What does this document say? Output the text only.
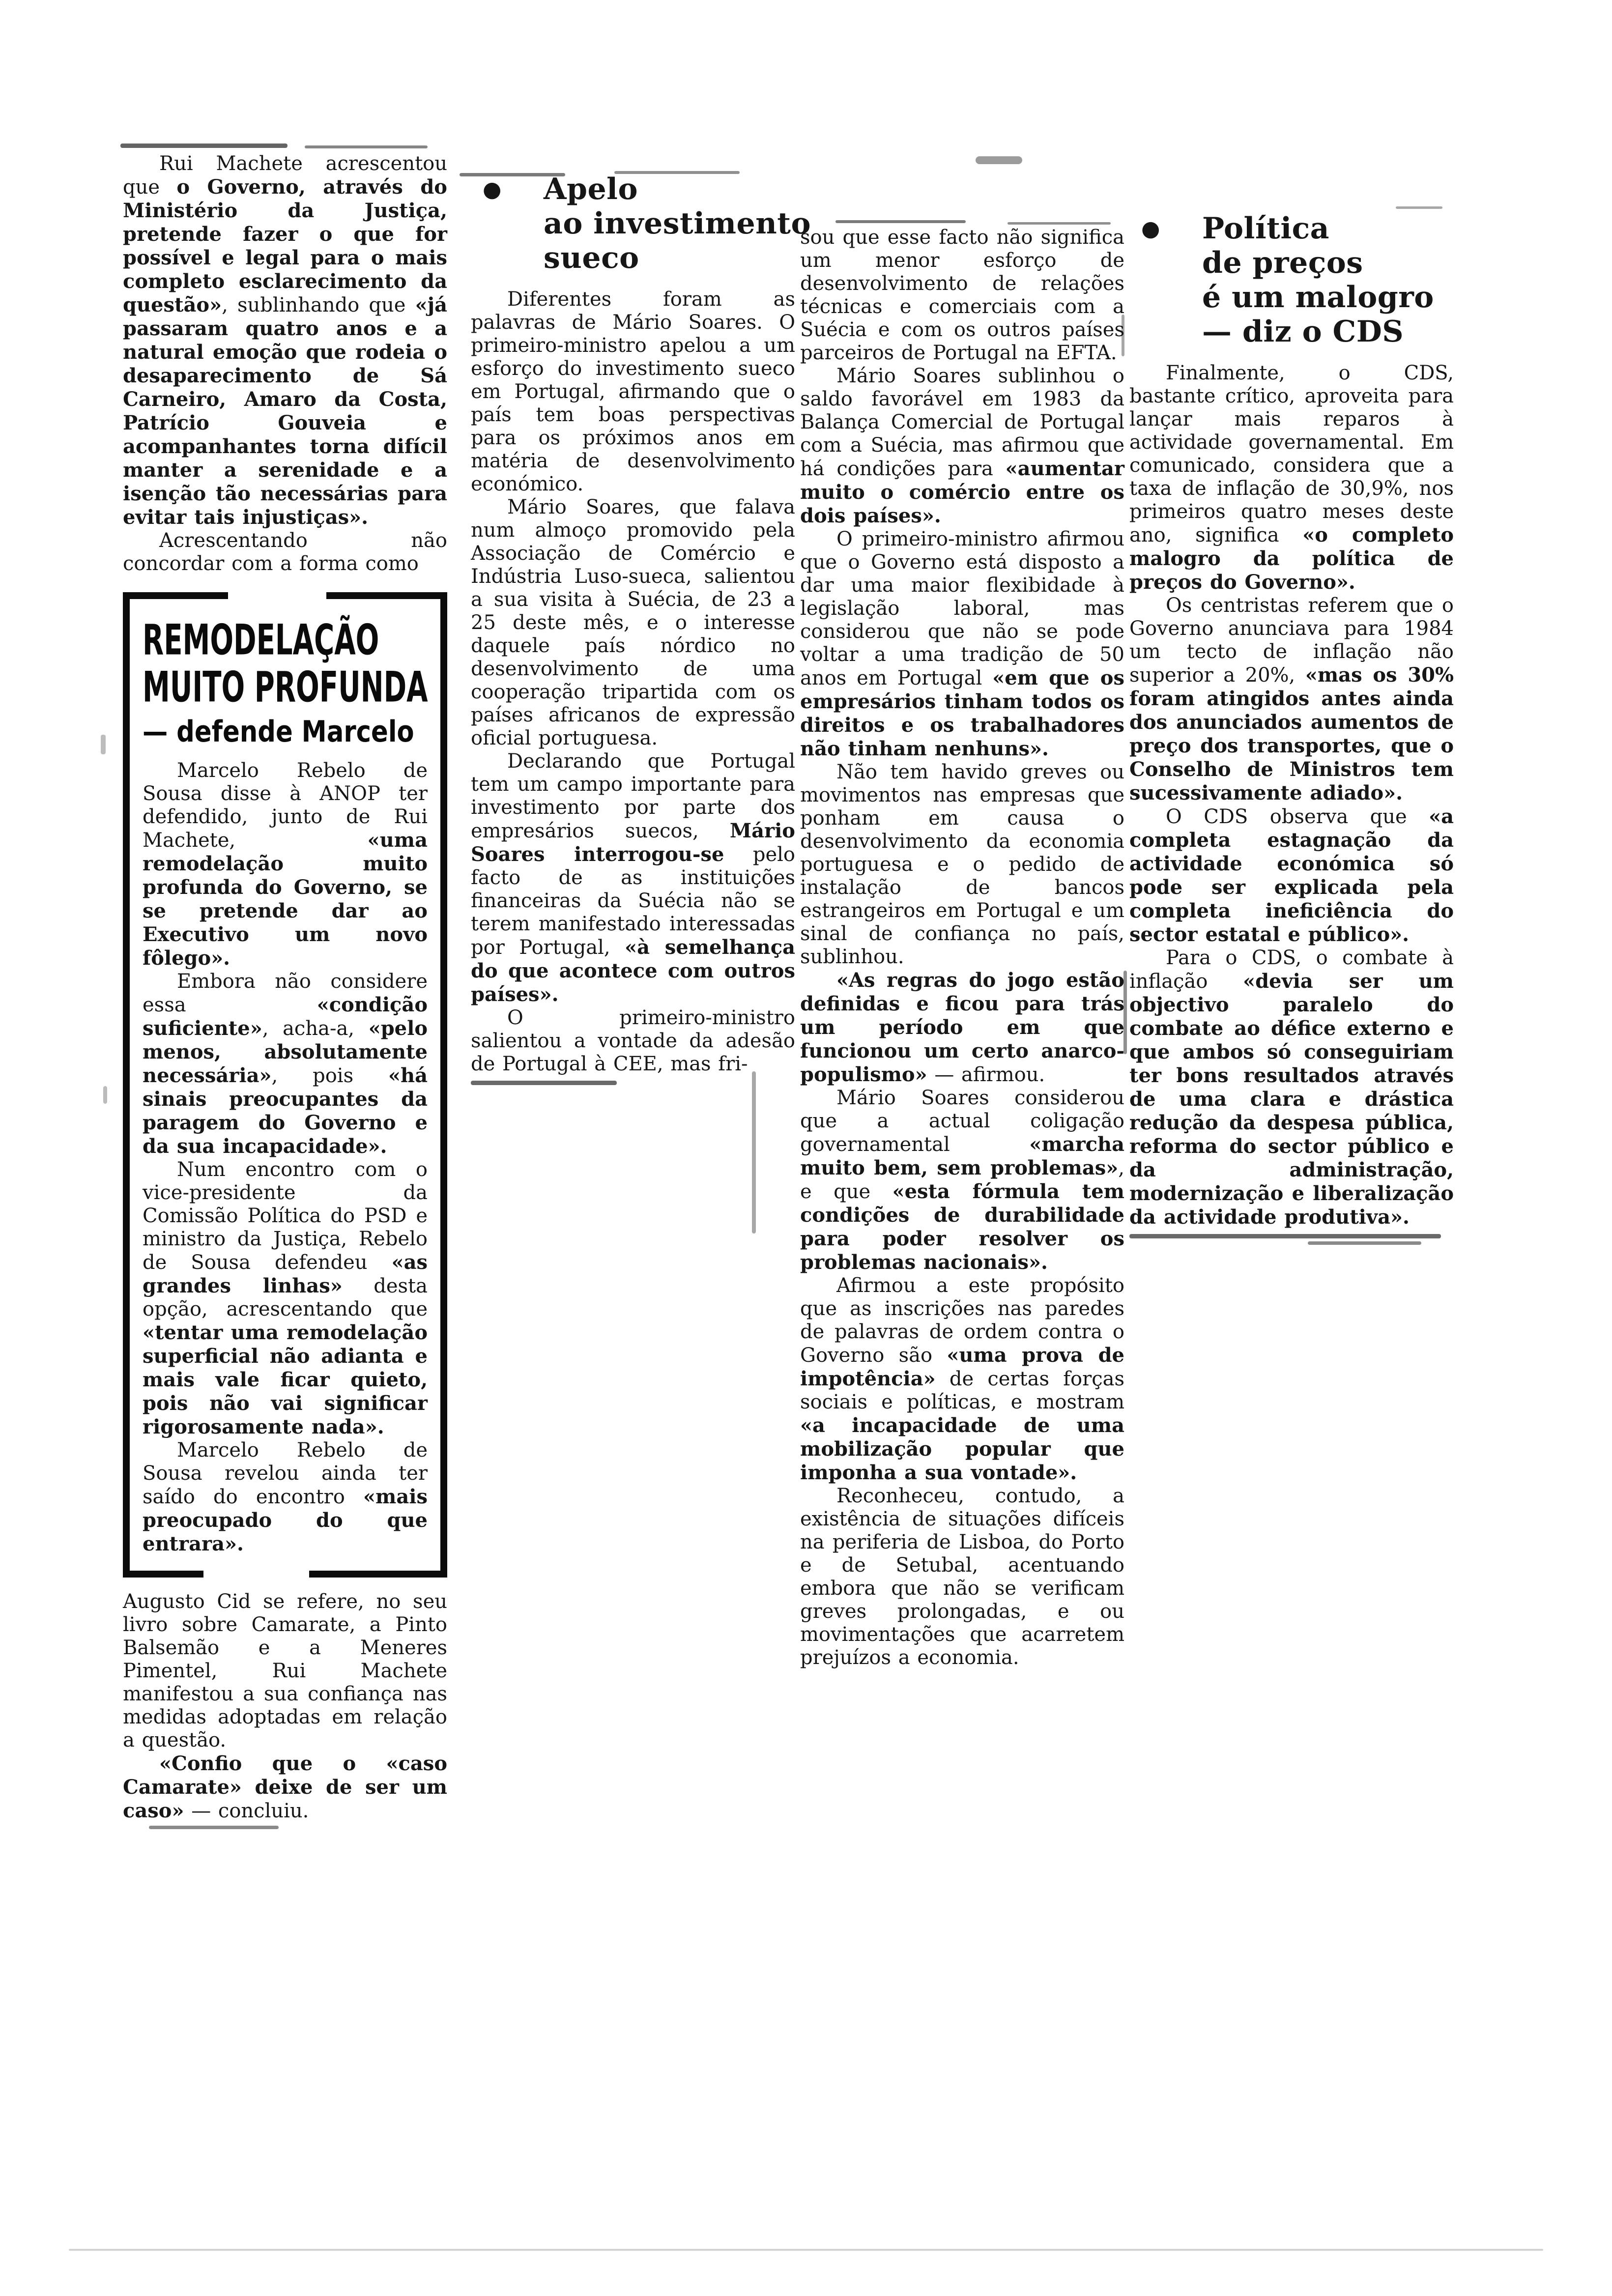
Rui Machete acrescentou que o Governo, através do Ministério da Justiça, pretende fazer o que for possível e legal para o mais completo esclarecimento da questão», sublinhando que «já passaram quatro anos e a natural emoção que rodeia o desaparecimento de Sá Carneiro, Amaro da Costa, Patrício Gouveia e acompanhantes torna difícil manter a serenidade e a isenção tão necessárias para evitar tais injustiças».

Acrescentando não concordar com a forma como

REMODELAÇÃO
MUITO PROFUNDA
— defende Marcelo

Marcelo Rebelo de Sousa disse à ANOP ter defendido, junto de Rui Machete, «uma remodelação muito profunda do Governo, se se pretende dar ao Executivo um novo fôlego».

Embora não considere essa «condição suficiente», acha-a, «pelo menos, absolutamente necessária», pois «há sinais preocupantes da paragem do Governo e da sua incapacidade».

Num encontro com o vice-presidente da Comissão Política do PSD e ministro da Justiça, Rebelo de Sousa defendeu «as grandes linhas» desta opção, acrescentando que «tentar uma remodelação superficial não adianta e mais vale ficar quieto, pois não vai significar rigorosamente nada».

Marcelo Rebelo de Sousa revelou ainda ter saído do encontro «mais preocupado do que entrara».

Augusto Cid se refere, no seu livro sobre Camarate, a Pinto Balsemão e a Meneres Pimentel, Rui Machete manifestou a sua confiança nas medidas adoptadas em relação a questão.

«Confio que o «caso Camarate» deixe de ser um caso» — concluiu.

● Apelo
ao investimento
sueco

Diferentes foram as palavras de Mário Soares. O primeiro-ministro apelou a um esforço do investimento sueco em Portugal, afirmando que o país tem boas perspectivas para os próximos anos em matéria de desenvolvimento económico.

Mário Soares, que falava num almoço promovido pela Associação de Comércio e Indústria Luso-sueca, salientou a sua visita à Suécia, de 23 a 25 deste mês, e o interesse daquele país nórdico no desenvolvimento de uma cooperação tripartida com os países africanos de expressão oficial portuguesa.

Declarando que Portugal tem um campo importante para investimento por parte dos empresários suecos, Mário Soares interrogou-se pelo facto de as instituições financeiras da Suécia não se terem manifestado interessadas por Portugal, «à semelhança do que acontece com outros países».

O primeiro-ministro salientou a vontade da adesão de Portugal à CEE, mas fri-

sou que esse facto não significa um menor esforço de desenvolvimento de relações técnicas e comerciais com a Suécia e com os outros países parceiros de Portugal na EFTA.

Mário Soares sublinhou o saldo favorável em 1983 da Balança Comercial de Portugal com a Suécia, mas afirmou que há condições para «aumentar muito o comércio entre os dois países».

O primeiro-ministro afirmou que o Governo está disposto a dar uma maior flexibidade à legislação laboral, mas considerou que não se pode voltar a uma tradição de 50 anos em Portugal «em que os empresários tinham todos os direitos e os trabalhadores não tinham nenhuns».

Não tem havido greves ou movimentos nas empresas que ponham em causa o desenvolvimento da economia portuguesa e o pedido de instalação de bancos estrangeiros em Portugal e um sinal de confiança no país, sublinhou.

«As regras do jogo estão definidas e ficou para trás um período em que funcionou um certo anarco-populismo» — afirmou.

Mário Soares considerou que a actual coligação governamental «marcha muito bem, sem problemas», e que «esta fórmula tem condições de durabilidade para poder resolver os problemas nacionais».

Afirmou a este propósito que as inscrições nas paredes de palavras de ordem contra o Governo são «uma prova de impotência» de certas forças sociais e políticas, e mostram «a incapacidade de uma mobilização popular que imponha a sua vontade».

Reconheceu, contudo, a existência de situações difíceis na periferia de Lisboa, do Porto e de Setubal, acentuando embora que não se verificam greves prolongadas, e ou movimentações que acarretem prejuízos a economia.

● Política
de preços
é um malogro
— diz o CDS

Finalmente, o CDS, bastante crítico, aproveita para lançar mais reparos à actividade governamental. Em comunicado, considera que a taxa de inflação de 30,9%, nos primeiros quatro meses deste ano, significa «o completo malogro da política de preços do Governo».

Os centristas referem que o Governo anunciava para 1984 um tecto de inflação não superior a 20%, «mas os 30% foram atingidos antes ainda dos anunciados aumentos de preço dos transportes, que o Conselho de Ministros tem sucessivamente adiado».

O CDS observa que «a completa estagnação da actividade económica só pode ser explicada pela completa ineficiência do sector estatal e público».

Para o CDS, o combate à inflação «devia ser um objectivo paralelo do combate ao défice externo e que ambos só conseguiriam ter bons resultados através de uma clara e drástica redução da despesa pública, reforma do sector público e da administração, modernização e liberalização da actividade produtiva».
